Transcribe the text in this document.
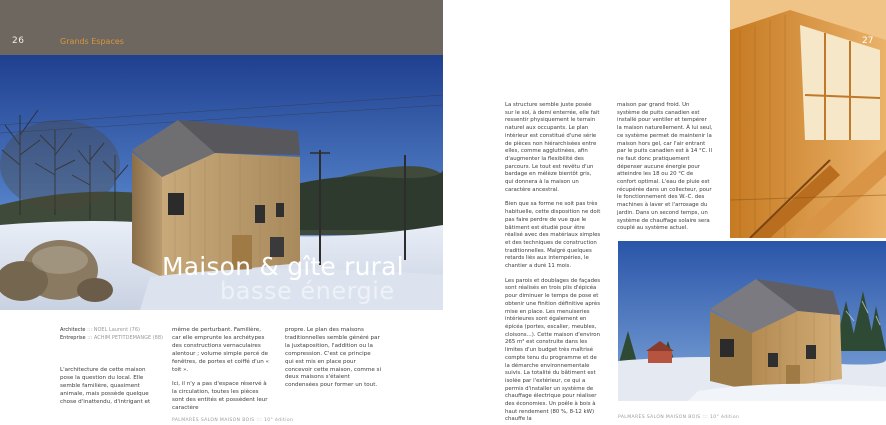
26	Grands Espaces
Maison & gîte rural
basse énergie
Architecte ::: NOEL Laurent (76)
Entreprise ::: ACHIM PETITDEMANGE (88)

L'architecture de cette maison pose la question du local. Elle semble familière, quasiment animale, mais possède quelque chose d'inattendu, d'intrigant et

même de perturbant. Familière, car elle emprunte les archétypes des constructions vernaculaires alentour ; volume simple percé de fenêtres, de portes et coiffé d'un « toit ».

Ici, il n'y a pas d'espace réservé à la circulation, toutes les pièces sont des entités et possèdent leur caractère

propre. Le plan des maisons traditionnelles semble généré par la juxtaposition, l'addition ou la compression. C'est ce principe qui est mis en place pour concevoir cette maison, comme si deux maisons s'étaient condensées pour former un tout.

La structure semble juste posée sur le sol, à demi enterrée, elle fait ressentir physiquement le terrain naturel aux occupants. Le plan intérieur est constitué d'une série de pièces non hiérarchisées entre elles, comme agglutinées, afin d'augmenter la flexibilité des parcours. Le tout est revêtu d'un bardage en mélèze bientôt gris, qui donnera à la maison un caractère ancestral.

Bien que sa forme ne soit pas très habituelle, cette disposition ne doit pas faire perdre de vue que le bâtiment est étudié pour être réalisé avec des matériaux simples et des techniques de construction traditionnelles. Malgré quelques retards liés aux intempéries, le chantier a duré 11 mois.

Les parois et doublages de façades sont réalisés en trois plis d'épicéa pour diminuer le temps de pose et obtenir une finition définitive après mise en place. Les menuiseries intérieures sont également en épicéa (portes, escalier, meubles, cloisons...). Cette maison d'environ 265 m² est construite dans les limites d'un budget très maîtrisé compte tenu du programme et de la démarche environnementale suivis. La totalité du bâtiment est isolée par l'extérieur, ce qui a permis d'installer un système de chauffage électrique pour réaliser des économies. Un poêle à bois à haut rendement (80 %, 8-12 kW) chauffe la

maison par grand froid. Un système de puits canadien est installé pour ventiler et tempérer la maison naturellement. À lui seul, ce système permet de maintenir la maison hors gel, car l'air entrant par le puits canadien est à 14 °C. Il ne faut donc pratiquement dépenser aucune énergie pour atteindre les 18 ou 20 °C de confort optimal. L'eau de pluie est récupérée dans un collecteur, pour le fonctionnement des W.-C. des machines à laver et l'arrosage du jardin. Dans un second temps, un système de chauffage solaire sera couplé au système actuel.

27
PALMARÈS SALON MAISON BOIS ::: 10° édition
PALMARÈS SALON MAISON BOIS ::: 10° édition
